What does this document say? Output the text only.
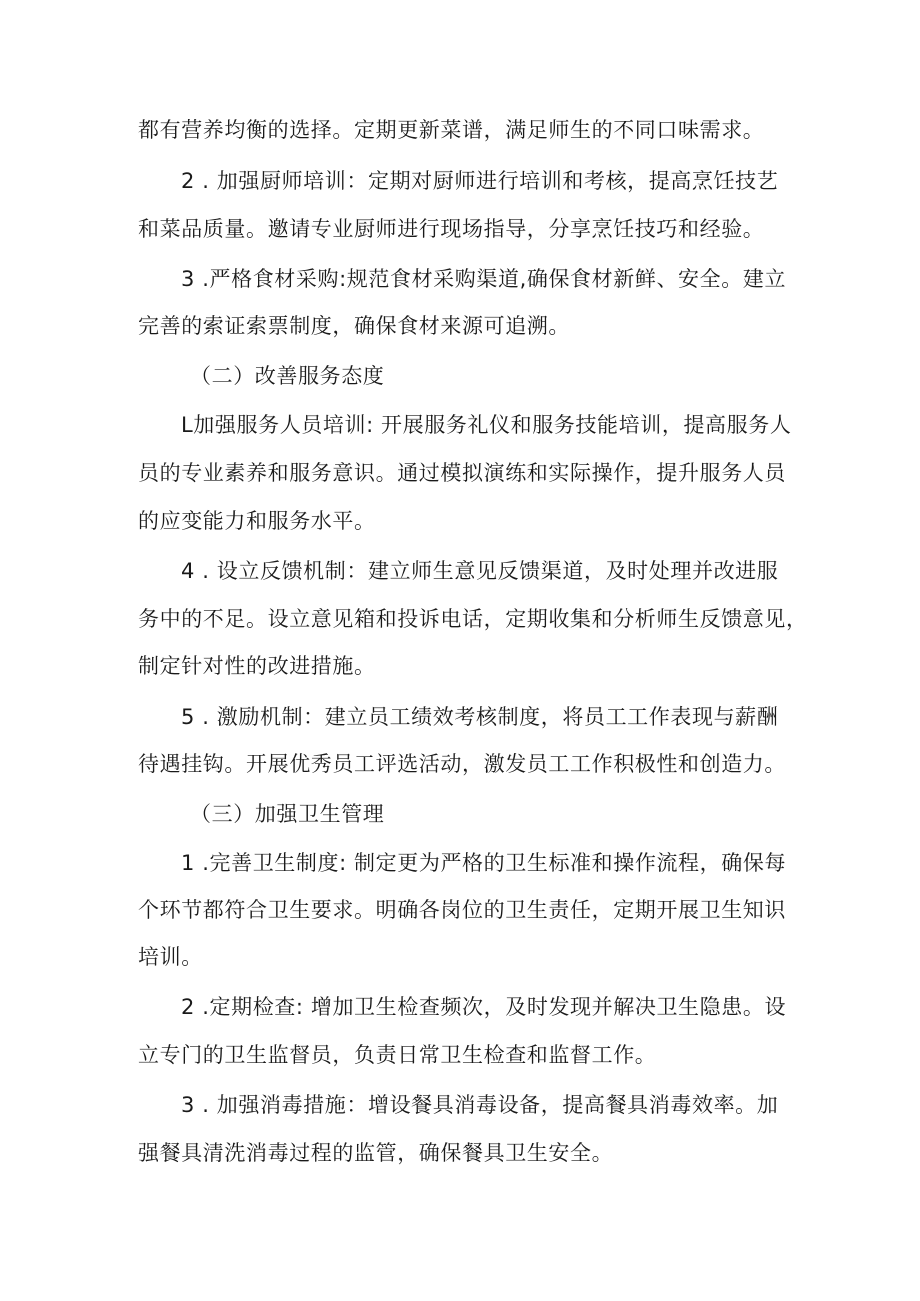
都有营养均衡的选择。定期更新菜谱，满足师生的不同口味需求。
2 . 加强厨师培训：定期对厨师进行培训和考核，提高烹饪技艺
和菜品质量。邀请专业厨师进行现场指导，分享烹饪技巧和经验。
3 .严格食材采购:规范食材采购渠道,确保食材新鲜、安全。建立
完善的索证索票制度，确保食材来源可追溯。
（二）改善服务态度
L加强服务人员培训: 开展服务礼仪和服务技能培训，提高服务人
员的专业素养和服务意识。通过模拟演练和实际操作，提升服务人员
的应变能力和服务水平。
4 . 设立反馈机制：建立师生意见反馈渠道，及时处理并改进服
务中的不足。设立意见箱和投诉电话，定期收集和分析师生反馈意见，
制定针对性的改进措施。
5 . 激励机制：建立员工绩效考核制度，将员工工作表现与薪酬
待遇挂钩。开展优秀员工评选活动，激发员工工作积极性和创造力。
（三）加强卫生管理
1 .完善卫生制度: 制定更为严格的卫生标准和操作流程，确保每
个环节都符合卫生要求。明确各岗位的卫生责任，定期开展卫生知识
培训。
2 .定期检查: 增加卫生检查频次，及时发现并解决卫生隐患。设
立专门的卫生监督员，负责日常卫生检查和监督工作。
3 . 加强消毒措施：增设餐具消毒设备，提高餐具消毒效率。加
强餐具清洗消毒过程的监管，确保餐具卫生安全。
